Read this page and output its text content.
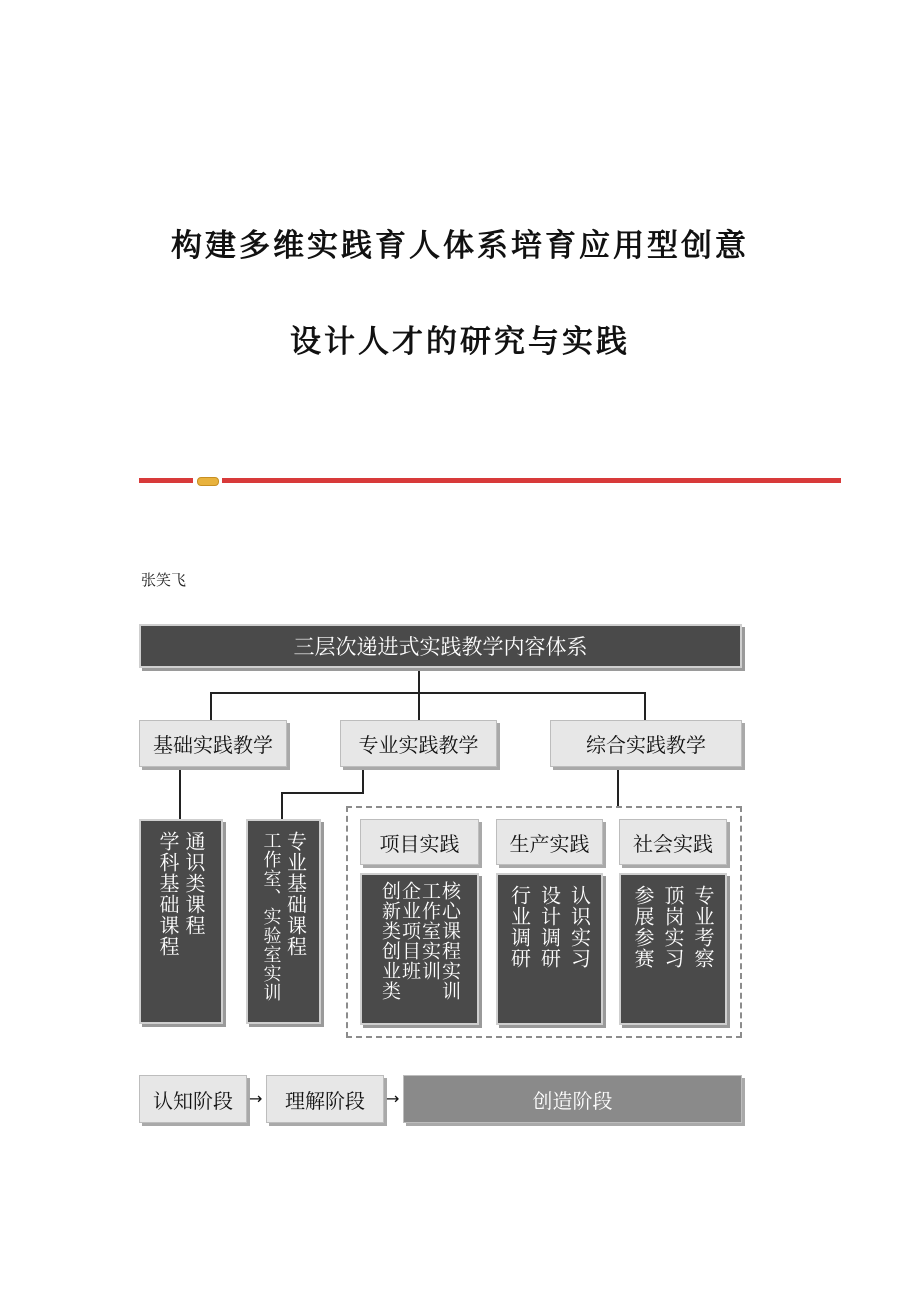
构建多维实践育人体系培育应用型创意
设计人才的研究与实践
张笑飞
三层次递进式实践教学内容体系
基础实践教学	专业实践教学	综合实践教学
通识类课程
学科基础课程	专业基础课程
工作室、实验室实训	项目实践	生产实践	社会实践
核心课程实训
工作室实训
企业项目班
创新类创业类	认识实习
设计调研
行业调研	专业考察
顶岗实习
参展参赛
认知阶段	→	理解阶段	→	创造阶段
